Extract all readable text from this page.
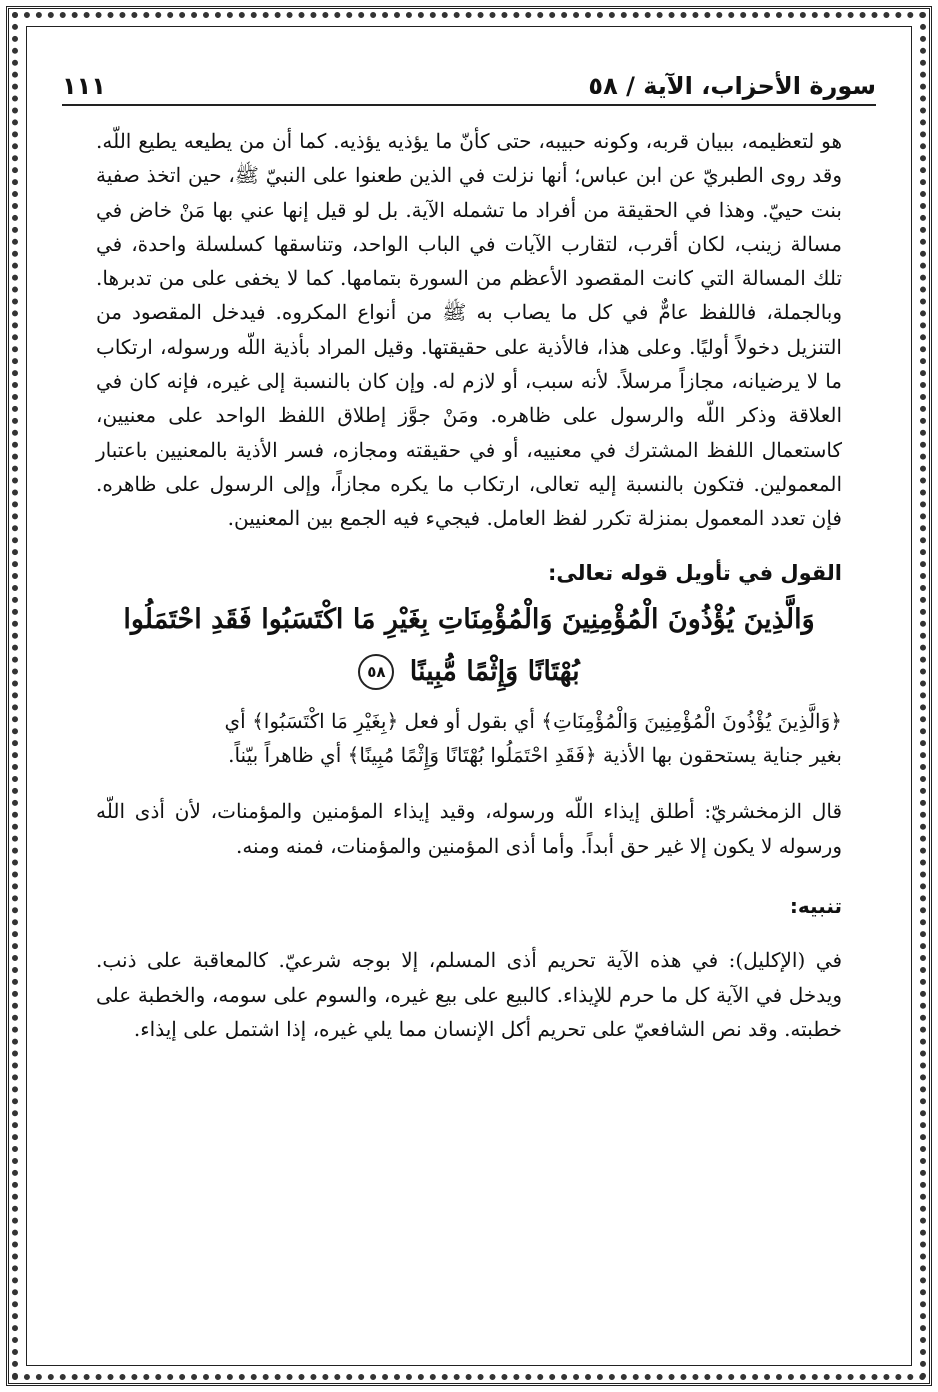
سورة الأحزاب، الآية / ٥٨
١١١

هو لتعظيمه، ببيان قربه، وكونه حبيبه، حتى كأنّ ما يؤذيه يؤذيه. كما أن من يطيعه يطيع اللّه. وقد روى الطبريّ عن ابن عباس؛ أنها نزلت في الذين طعنوا على النبيّ ﷺ، حين اتخذ صفية بنت حييّ. وهذا في الحقيقة من أفراد ما تشمله الآية. بل لو قيل إنها عني بها مَنْ خاض في مسالة زينب، لكان أقرب، لتقارب الآيات في الباب الواحد، وتناسقها كسلسلة واحدة، في تلك المسالة التي كانت المقصود الأعظم من السورة بتمامها. كما لا يخفى على من تدبرها. وبالجملة، فاللفظ عامٌّ في كل ما يصاب به ﷺ من أنواع المكروه. فيدخل المقصود من التنزيل دخولاً أوليًا. وعلى هذا، فالأذية على حقيقتها. وقيل المراد بأذية اللّه ورسوله، ارتكاب ما لا يرضيانه، مجازاً مرسلاً. لأنه سبب، أو لازم له. وإن كان بالنسبة إلى غيره، فإنه كان في العلاقة وذكر اللّه والرسول على ظاهره. ومَنْ جوَّز إطلاق اللفظ الواحد على معنيين، كاستعمال اللفظ المشترك في معنييه، أو في حقيقته ومجازه، فسر الأذية بالمعنيين باعتبار المعمولين. فتكون بالنسبة إليه تعالى، ارتكاب ما يكره مجازاً، وإلى الرسول على ظاهره. فإن تعدد المعمول بمنزلة تكرر لفظ العامل. فيجيء فيه الجمع بين المعنيين.

القول في تأويل قوله تعالى:

وَالَّذِينَ يُؤْذُونَ الْمُؤْمِنِينَ وَالْمُؤْمِنَاتِ بِغَيْرِ مَا اكْتَسَبُوا فَقَدِ احْتَمَلُوا
بُهْتَانًا وَإِثْمًا مُّبِينًا ٥٨

﴿وَالَّذِينَ يُؤْذُونَ الْمُؤْمِنِينَ وَالْمُؤْمِنَاتِ﴾ أي بقول أو فعل ﴿بِغَيْرِ مَا اكْتَسَبُوا﴾ أي

بغير جناية يستحقون بها الأذية ﴿فَقَدِ احْتَمَلُوا بُهْتَانًا وَإِثْمًا مُبِينًا﴾ أي ظاهراً بيّناً.

قال الزمخشريّ: أطلق إيذاء اللّه ورسوله، وقيد إيذاء المؤمنين والمؤمنات، لأن أذى اللّه ورسوله لا يكون إلا غير حق أبداً. وأما أذى المؤمنين والمؤمنات، فمنه ومنه.

تنبيه:

في (الإكليل): في هذه الآية تحريم أذى المسلم، إلا بوجه شرعيّ. كالمعاقبة على ذنب. ويدخل في الآية كل ما حرم للإيذاء. كالبيع على بيع غيره، والسوم على سومه، والخطبة على خطبته. وقد نص الشافعيّ على تحريم أكل الإنسان مما يلي غيره، إذا اشتمل على إيذاء.
